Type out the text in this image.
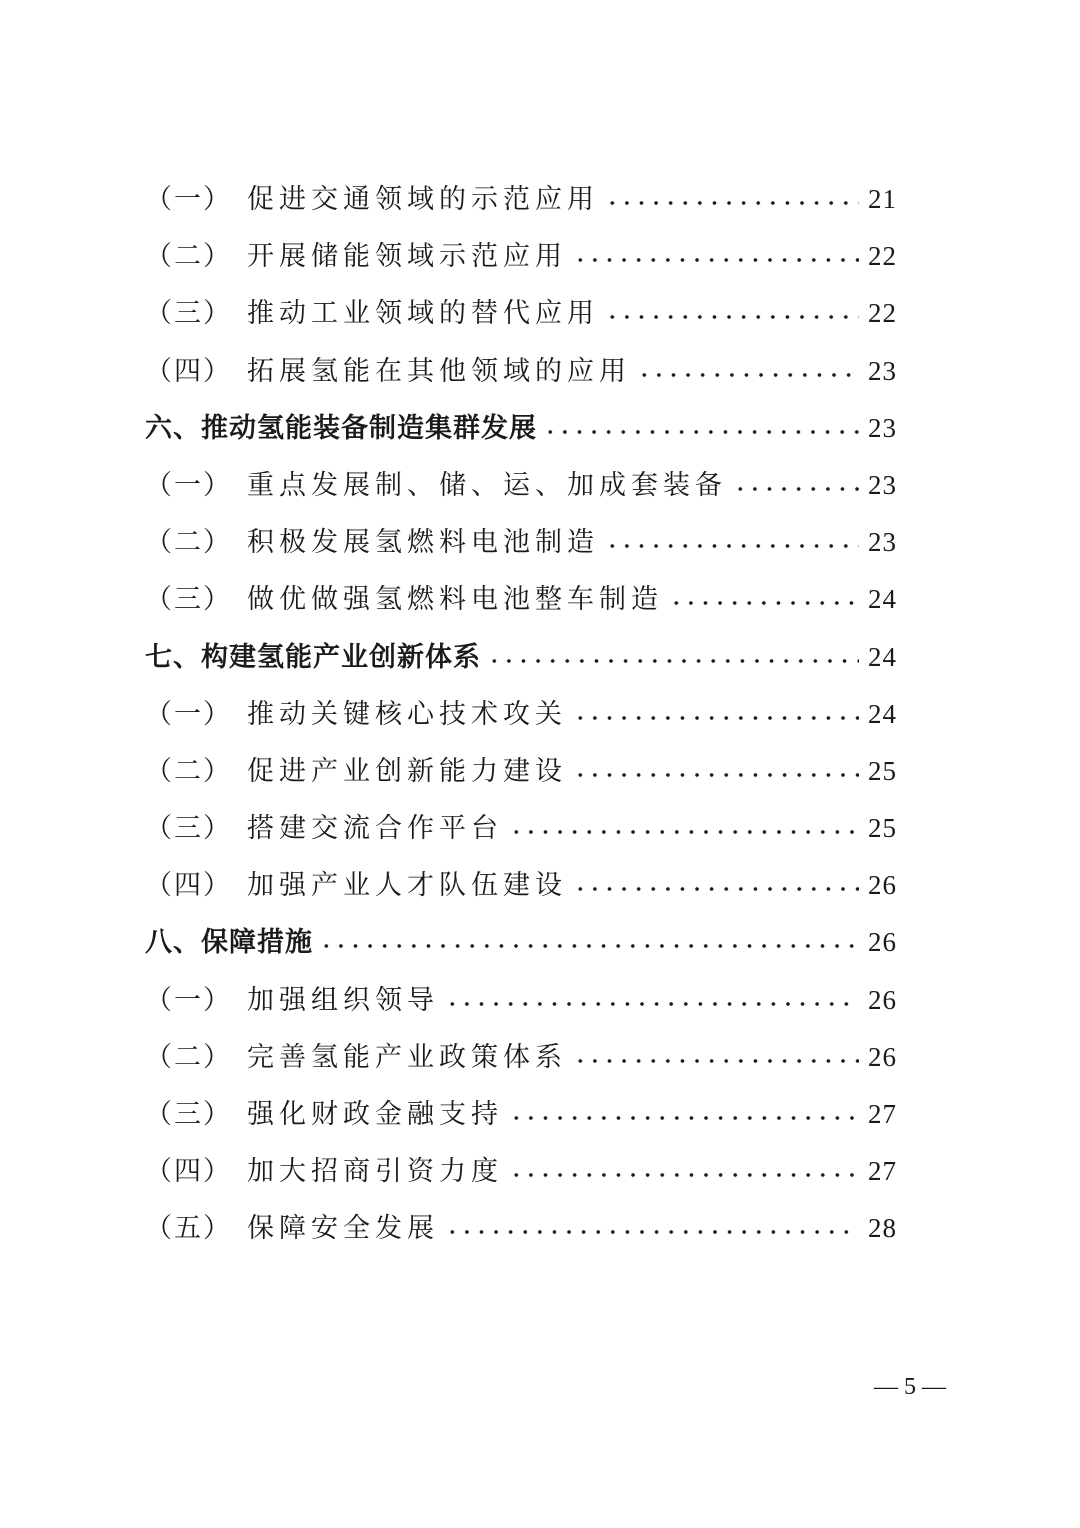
（一） 促进交通领域的示范应用	21
（二） 开展储能领域示范应用	22
（三） 推动工业领域的替代应用	22
（四） 拓展氢能在其他领域的应用	23
六、推动氢能装备制造集群发展	23
（一） 重点发展制、储、运、加成套装备	23
（二） 积极发展氢燃料电池制造	23
（三） 做优做强氢燃料电池整车制造	24
七、构建氢能产业创新体系	24
（一） 推动关键核心技术攻关	24
（二） 促进产业创新能力建设	25
（三） 搭建交流合作平台	25
（四） 加强产业人才队伍建设	26
八、保障措施	26
（一） 加强组织领导	26
（二） 完善氢能产业政策体系	26
（三） 强化财政金融支持	27
（四） 加大招商引资力度	27
（五） 保障安全发展	28
— 5 —
